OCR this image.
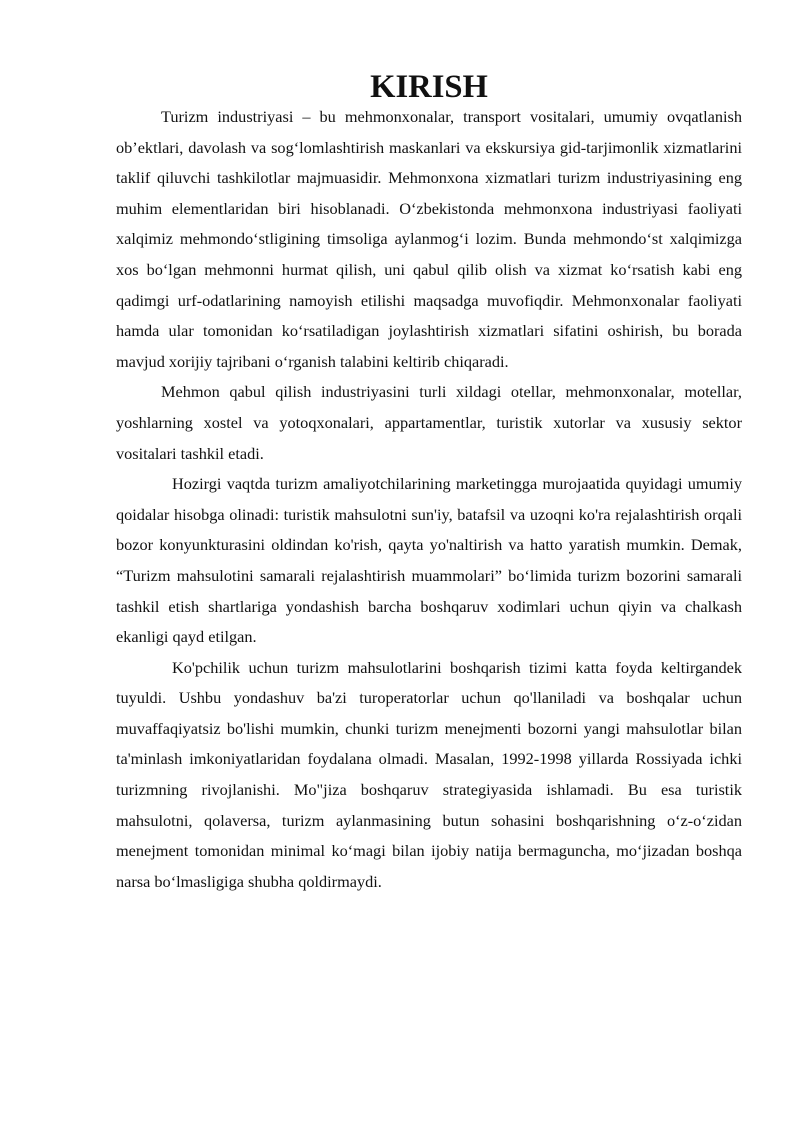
KIRISH

Turizm industriyasi – bu mehmonxonalar, transport vositalari, umumiy ovqatlanish ob’ektlari, davolash va sog‘lomlashtirish maskanlari va ekskursiya gid-tarjimonlik xizmatlarini taklif qiluvchi tashkilotlar majmuasidir. Mehmonxona xizmatlari turizm industriyasining eng muhim elementlaridan biri hisoblanadi. O‘zbekistonda mehmonxona industriyasi faoliyati xalqimiz mehmondo‘stligining timsoliga aylanmog‘i lozim. Bunda mehmondo‘st xalqimizga xos bo‘lgan mehmonni hurmat qilish, uni qabul qilib olish va xizmat ko‘rsatish kabi eng qadimgi urf-odatlarining namoyish etilishi maqsadga muvofiqdir. Mehmonxonalar faoliyati hamda ular tomonidan ko‘rsatiladigan joylashtirish xizmatlari sifatini oshirish, bu borada mavjud xorijiy tajribani o‘rganish talabini keltirib chiqaradi.

Mehmon qabul qilish industriyasini turli xildagi otellar, mehmonxonalar, motellar, yoshlarning xostel va yotoqxonalari, appartamentlar, turistik xutorlar va xususiy sektor vositalari tashkil etadi.

Hozirgi vaqtda turizm amaliyotchilarining marketingga murojaatida quyidagi umumiy qoidalar hisobga olinadi: turistik mahsulotni sun'iy, batafsil va uzoqni ko'ra rejalashtirish orqali bozor konyunkturasini oldindan ko'rish, qayta yo'naltirish va hatto yaratish mumkin. Demak, “Turizm mahsulotini samarali rejalashtirish muammolari” bo‘limida turizm bozorini samarali tashkil etish shartlariga yondashish barcha boshqaruv xodimlari uchun qiyin va chalkash ekanligi qayd etilgan.

Ko'pchilik uchun turizm mahsulotlarini boshqarish tizimi katta foyda keltirgandek tuyuldi. Ushbu yondashuv ba'zi turoperatorlar uchun qo'llaniladi va boshqalar uchun muvaffaqiyatsiz bo'lishi mumkin, chunki turizm menejmenti bozorni yangi mahsulotlar bilan ta'minlash imkoniyatlaridan foydalana olmadi. Masalan, 1992-1998 yillarda Rossiyada ichki turizmning rivojlanishi. Mo"jiza boshqaruv strategiyasida ishlamadi. Bu esa turistik mahsulotni, qolaversa, turizm aylanmasining butun sohasini boshqarishning o‘z-o‘zidan menejment tomonidan minimal ko‘magi bilan ijobiy natija bermaguncha, mo‘jizadan boshqa narsa bo‘lmasligiga shubha qoldirmaydi.
